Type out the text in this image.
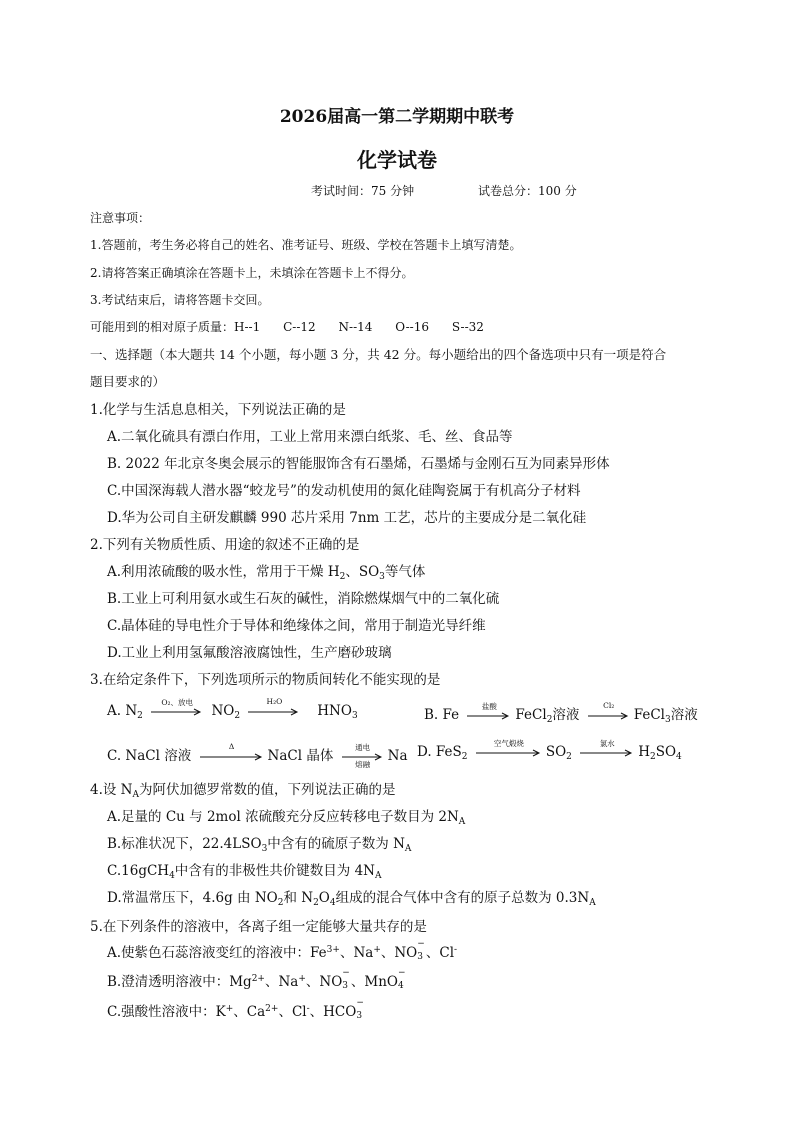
2026届高一第二学期期中联考
化学试卷
考试时间：75 分钟	试卷总分：100 分
注意事项：
1.答题前，考生务必将自己的姓名、准考证号、班级、学校在答题卡上填写清楚。
2.请将答案正确填涂在答题卡上，未填涂在答题卡上不得分。
3.考试结束后，请将答题卡交回。
可能用到的相对原子质量：H--1      C--12      N--14      O--16      S--32
一、选择题（本大题共 14 个小题，每小题 3 分，共 42 分。每小题给出的四个备选项中只有一项是符合
题目要求的）
1.化学与生活息息相关，下列说法正确的是
A.二氧化硫具有漂白作用，工业上常用来漂白纸浆、毛、丝、食品等
B. 2022 年北京冬奥会展示的智能服饰含有石墨烯，石墨烯与金刚石互为同素异形体
C.中国深海载人潜水器“蛟龙号”的发动机使用的氮化硅陶瓷属于有机高分子材料
D.华为公司自主研发麒麟 990 芯片采用 7nm 工艺，芯片的主要成分是二氧化硅
2.下列有关物质性质、用途的叙述不正确的是
A.利用浓硫酸的吸水性，常用于干燥 $H_2$、$SO_3$等气体
B.工业上可利用氨水或生石灰的碱性，消除燃煤烟气中的二氧化硫
C.晶体硅的导电性介于导体和绝缘体之间，常用于制造光导纤维
D.工业上利用氢氟酸溶液腐蚀性，生产磨砂玻璃
3.在给定条件下，下列选项所示的物质间转化不能实现的是
A. $N_2$
O₂、放电
$NO_2$
H₂O
$HNO_3$	B. Fe
盐酸
FeCl$_2$溶液
Cl₂
FeCl$_3$溶液
C. NaCl 溶液
Δ
NaCl 晶体
通电
熔融	Na D. FeS$_2$
空气煅烧
$SO_2$
氯水
$H_2SO_4$
4.设 $N_A$为阿伏加德罗常数的值，下列说法正确的是
A.足量的 Cu 与 2mol 浓硫酸充分反应转移电子数目为 $2N_A$
B.标准状况下，$22.4LSO_3$中含有的硫原子数为 $N_A$
C.16gCH$_4$中含有的非极性共价键数目为 $4N_A$
D.常温常压下，4.6g 由 $NO_2$和 $N_2O_4$组成的混合气体中含有的原子总数为 $0.3N_A$
5.在下列条件的溶液中，各离子组一定能够大量共存的是
A.使紫色石蕊溶液变红的溶液中：$Fe^{3+}$、Na+、NO
−
3 、Cl-
B.澄清透明溶液中：$Mg^{2+}$、Na+、NO
−
3 、MnO
−
4
C.强酸性溶液中：K+、$Ca^{2+}$、Cl-、HCO
−
3
